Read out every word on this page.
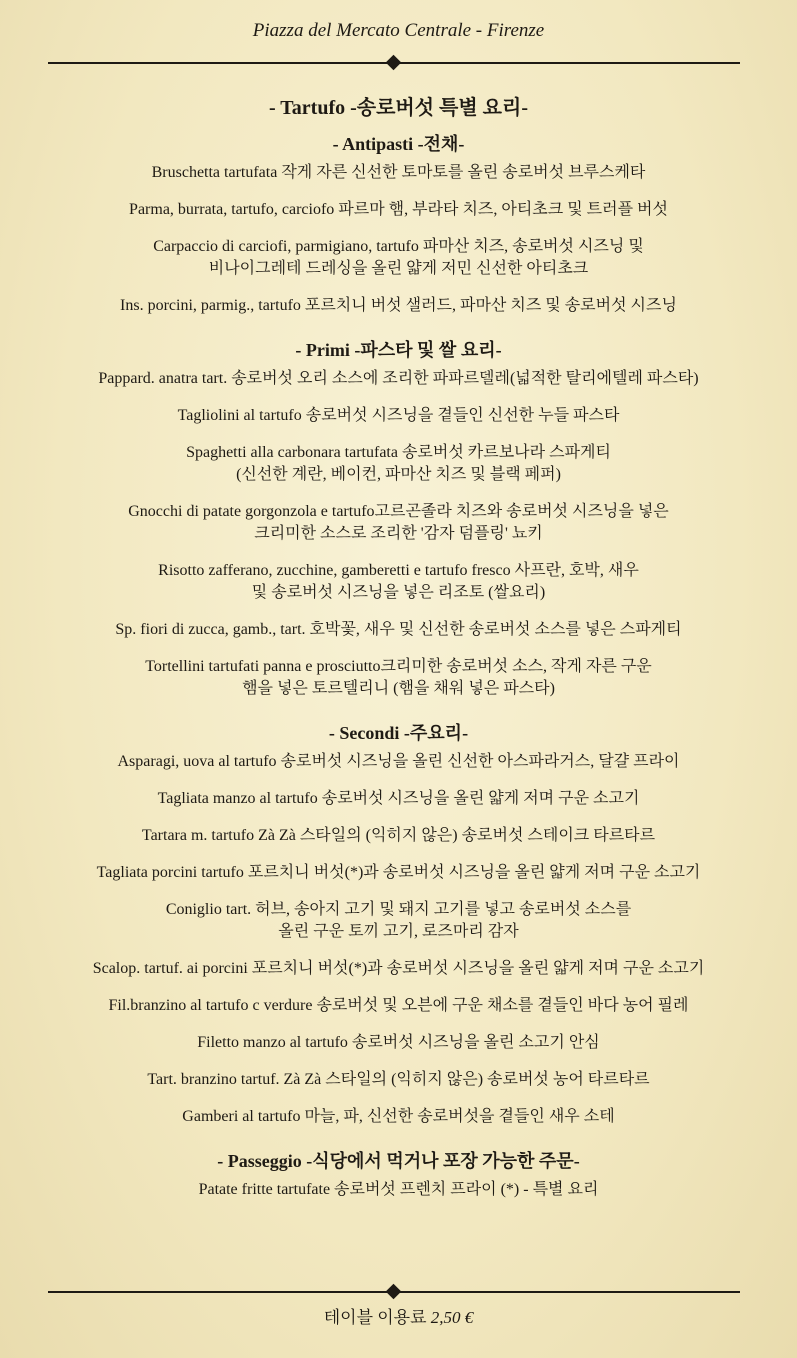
Piazza del Mercato Centrale - Firenze
- Tartufo -송로버섯 특별 요리-
- Antipasti -전채-
Bruschetta tartufata 작게 자른 신선한 토마토를 올린 송로버섯 브루스케타
Parma, burrata, tartufo, carciofo 파르마 햄, 부라타 치즈, 아티초크 및 트러플 버섯
Carpaccio di carciofi, parmigiano, tartufo 파마산 치즈, 송로버섯 시즈닝 및
비나이그레테 드레싱을 올린 얇게 저민 신선한 아티초크
Ins. porcini, parmig., tartufo 포르치니 버섯 샐러드, 파마산 치즈 및 송로버섯 시즈닝
- Primi -파스타 및 쌀 요리-
Pappard. anatra tart. 송로버섯 오리 소스에 조리한 파파르델레(넓적한 탈리에텔레 파스타)
Tagliolini al tartufo 송로버섯 시즈닝을 곁들인 신선한 누들 파스타
Spaghetti alla carbonara tartufata 송로버섯 카르보나라 스파게티
(신선한 계란, 베이컨, 파마산 치즈 및 블랙 페퍼)
Gnocchi di patate gorgonzola e tartufo고르곤졸라 치즈와 송로버섯 시즈닝을 넣은
크리미한 소스로 조리한 '감자 덤플링' 뇨키
Risotto zafferano, zucchine, gamberetti e tartufo fresco 사프란, 호박, 새우
및 송로버섯 시즈닝을 넣은 리조토 (쌀요리)
Sp. fiori di zucca, gamb., tart. 호박꽃, 새우 및 신선한 송로버섯 소스를 넣은 스파게티
Tortellini tartufati panna e prosciutto크리미한 송로버섯 소스, 작게 자른 구운
햄을 넣은 토르텔리니 (햄을 채워 넣은 파스타)
- Secondi -주요리-
Asparagi, uova al tartufo 송로버섯 시즈닝을 올린 신선한 아스파라거스, 달걀 프라이
Tagliata manzo al tartufo 송로버섯 시즈닝을 올린 얇게 저며 구운 소고기
Tartara m. tartufo Zà Zà 스타일의 (익히지 않은) 송로버섯 스테이크 타르타르
Tagliata porcini tartufo 포르치니 버섯(*)과 송로버섯 시즈닝을 올린 얇게 저며 구운 소고기
Coniglio tart. 허브, 송아지 고기 및 돼지 고기를 넣고 송로버섯 소스를
올린 구운 토끼 고기, 로즈마리 감자
Scalop. tartuf. ai porcini 포르치니 버섯(*)과 송로버섯 시즈닝을 올린 얇게 저며 구운 소고기
Fil.branzino al tartufo c verdure 송로버섯 및 오븐에 구운 채소를 곁들인 바다 농어 필레
Filetto manzo al tartufo 송로버섯 시즈닝을 올린 소고기 안심
Tart. branzino tartuf. Zà Zà 스타일의 (익히지 않은) 송로버섯 농어 타르타르
Gamberi al tartufo 마늘, 파, 신선한 송로버섯을 곁들인 새우 소테
- Passeggio -식당에서 먹거나 포장 가능한 주문-
Patate fritte tartufate 송로버섯 프렌치 프라이 (*) - 특별 요리
테이블 이용료 2,50 €
